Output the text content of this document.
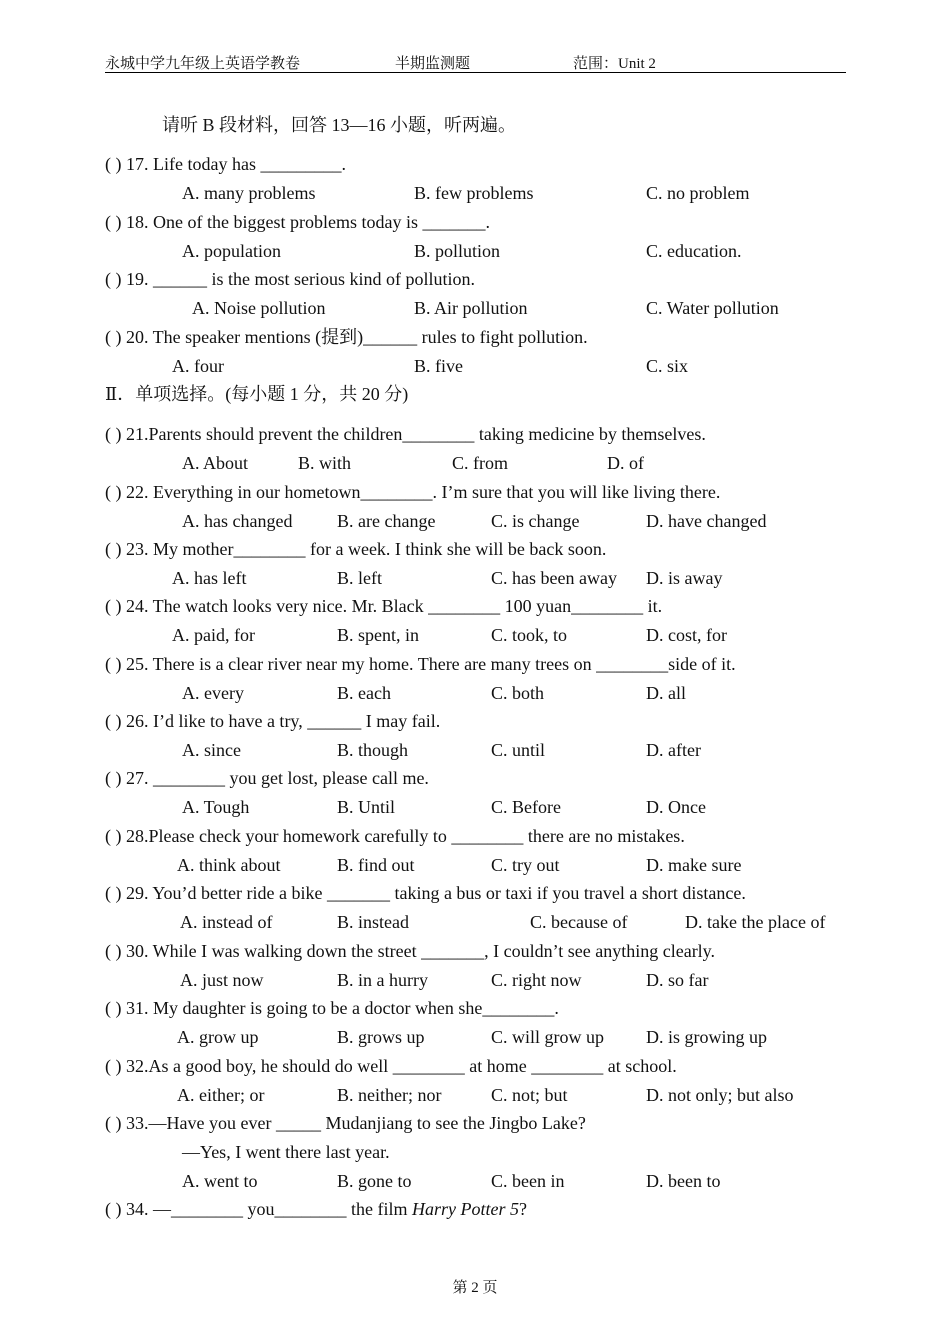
永城中学九年级上英语学教卷	半期监测题	范围：Unit 2
请听 B 段材料，回答 13—16 小题，听两遍。
( ) 17. Life today has _________.
A. many problems	B. few problems	C. no problem
( ) 18. One of the biggest problems today is _______.
A. population	B. pollution	C. education.
( ) 19. ______ is the most serious kind of pollution.
A. Noise pollution	B. Air pollution	C. Water pollution
( ) 20. The speaker mentions (提到)______ rules to fight pollution.
A. four	B. five	C. six
Ⅱ．单项选择。(每小题 1 分，共 20 分)
( ) 21.Parents should prevent the children________ taking medicine by themselves.
A. About	B. with	C. from	D. of
( ) 22. Everything in our hometown________. I’m sure that you will like living there.
A. has changed B. are change	C. is change	D. have changed
( ) 23. My mother________ for a week. I think she will be back soon.
A. has left	B. left	C. has been away D. is away
( ) 24. The watch looks very nice. Mr. Black ________ 100 yuan________ it.
A. paid, for	B. spent, in	C. took, to	D. cost, for
( ) 25. There is a clear river near my home. There are many trees on ________side of it.
A. every	B. each	C. both	D. all
( ) 26. I’d like to have a try, ______ I may fail.
A. since	B. though	C. until	D. after
( ) 27. ________ you get lost, please call me.
A. Tough	B. Until	C. Before	D. Once
( ) 28.Please check your homework carefully to ________ there are no mistakes.
A. think about	B. find out	C. try out	D. make sure
( ) 29. You’d better ride a bike _______ taking a bus or taxi if you travel a short distance.
A. instead of	B. instead	C. because of	D. take the place of
( ) 30. While I was walking down the street _______, I couldn’t see anything clearly.
A. just now	B. in a hurry	C. right now	D. so far
( ) 31. My daughter is going to be a doctor when she________.
A. grow up	B. grows up	C. will grow up D. is growing up
( ) 32.As a good boy, he should do well ________ at home ________ at school.
A. either; or	B. neither; nor	C. not; but	D. not only; but also
( ) 33.—Have you ever _____ Mudanjiang to see the Jingbo Lake?
—Yes, I went there last year.
A. went to	B. gone to	C. been in	D. been to
( ) 34. —________ you________ the film Harry Potter 5?
第 2 页
